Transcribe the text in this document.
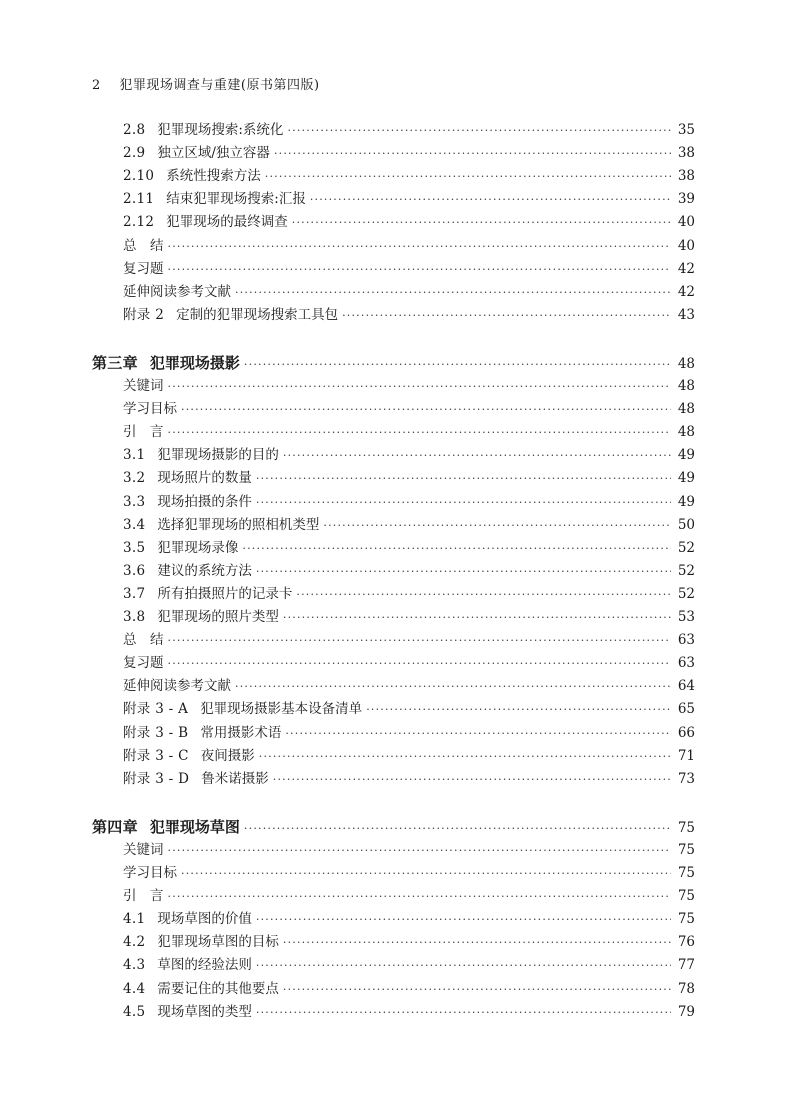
2 犯罪现场调查与重建(原书第四版)
2.8 犯罪现场搜索:系统化 ·····	35
2.9 独立区域/独立容器 ·····	38
2.10 系统性搜索方法 ·····	38
2.11 结束犯罪现场搜索:汇报 ·····	39
2.12 犯罪现场的最终调查 ·····	40
总　结 ·····	40
复习题 ·····	42
延伸阅读参考文献 ·····	42
附录 2 定制的犯罪现场搜索工具包 ·····	43
第三章 犯罪现场摄影 ·····	48
关键词 ·····	48
学习目标 ·····	48
引　言 ·····	48
3.1 犯罪现场摄影的目的 ·····	49
3.2 现场照片的数量 ·····	49
3.3 现场拍摄的条件 ·····	49
3.4 选择犯罪现场的照相机类型 ·····	50
3.5 犯罪现场录像 ·····	52
3.6 建议的系统方法 ·····	52
3.7 所有拍摄照片的记录卡 ·····	52
3.8 犯罪现场的照片类型 ·····	53
总　结 ·····	63
复习题 ·····	63
延伸阅读参考文献 ·····	64
附录 3 - A 犯罪现场摄影基本设备清单 ·····	65
附录 3 - B 常用摄影术语 ·····	66
附录 3 - C 夜间摄影 ·····	71
附录 3 - D 鲁米诺摄影 ·····	73
第四章 犯罪现场草图 ·····	75
关键词 ·····	75
学习目标 ·····	75
引　言 ·····	75
4.1 现场草图的价值 ·····	75
4.2 犯罪现场草图的目标 ·····	76
4.3 草图的经验法则 ·····	77
4.4 需要记住的其他要点 ·····	78
4.5 现场草图的类型 ·····	79
